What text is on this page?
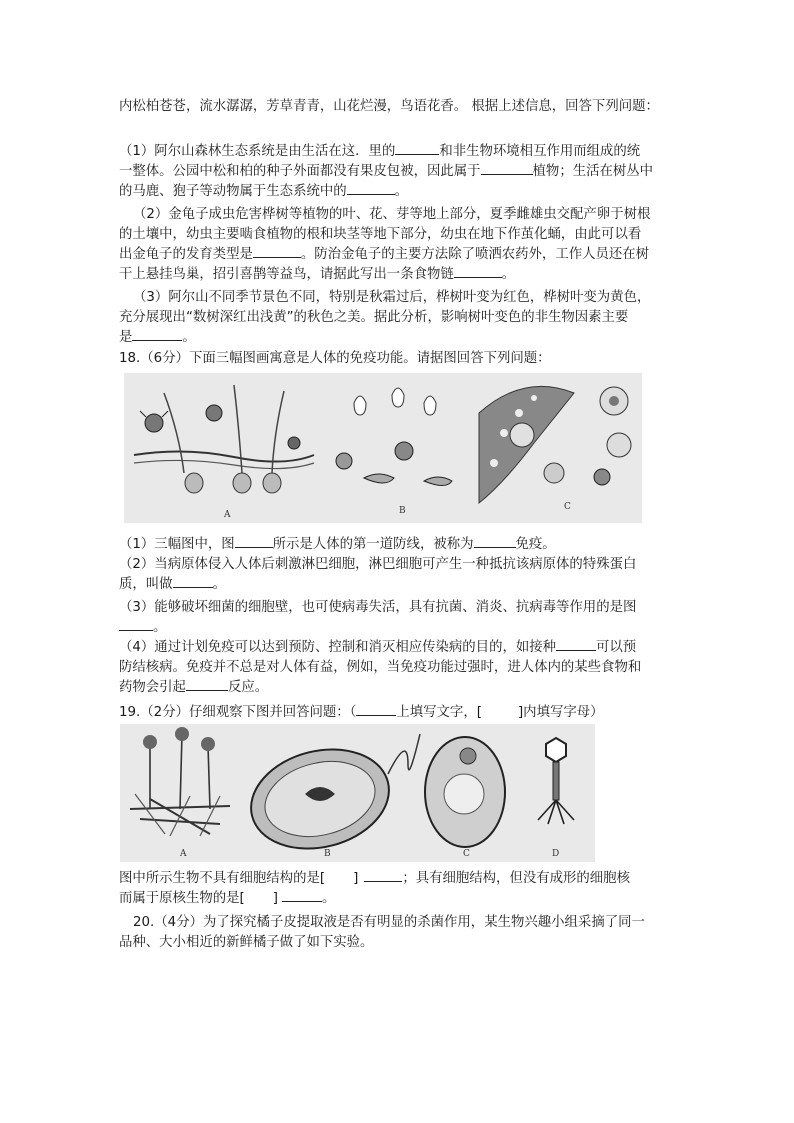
内松柏苍苍，流水潺潺，芳草青青，山花烂漫，鸟语花香。 根据上述信息，回答下列问题：
（1）阿尔山森林生态系统是由生活在这．里的	和非生物环境相互作用而组成的统
一整体。公园中松和柏的种子外面都没有果皮包被，因此属于	植物；生活在树丛中
的马鹿、狍子等动物属于生态系统中的	。
（2）金龟子成虫危害桦树等植物的叶、花、芽等地上部分，夏季雌雄虫交配产卵于树根
的土壤中，幼虫主要啮食植物的根和块茎等地下部分，幼虫在地下作茧化蛹，由此可以看
出金龟子的发育类型是	。防治金龟子的主要方法除了喷洒农药外，工作人员还在树
干上悬挂鸟巢，招引喜鹊等益鸟，请据此写出一条食物链	。
（3）阿尔山不同季节景色不同，特别是秋霜过后，桦树叶变为红色，桦树叶变为黄色，
充分展现出“数树深红出浅黄”的秋色之美。据此分析，影响树叶变色的非生物因素主要
是	。
18.（6分）下面三幅图画寓意是人体的免疫功能。请据图回答下列问题：
A	B	C
（1）三幅图中，图	所示是人体的第一道防线，被称为	免疫。
（2）当病原体侵入人体后刺激淋巴细胞，淋巴细胞可产生一种抵抗该病原体的特殊蛋白
质，叫做	。
（3）能够破坏细菌的细胞壁，也可使病毒失活，具有抗菌、消炎、抗病毒等作用的是图
。
（4）通过计划免疫可以达到预防、控制和消灭相应传染病的目的，如接种	可以预
防结核病。免疫并不总是对人体有益，例如，当免疫功能过强时，进人体内的某些食物和
药物会引起	反应。
19.（2分）仔细观察下图并回答问题：（	上填写文字，[	]内填写字母）
A	B	C	D
图中所示生物不具有细胞结构的是[ ]	；具有细胞结构，但没有成形的细胞核
而属于原核生物的是[ ]	。
20.（4分）为了探究橘子皮提取液是否有明显的杀菌作用，某生物兴趣小组采摘了同一
品种、大小相近的新鲜橘子做了如下实验。
